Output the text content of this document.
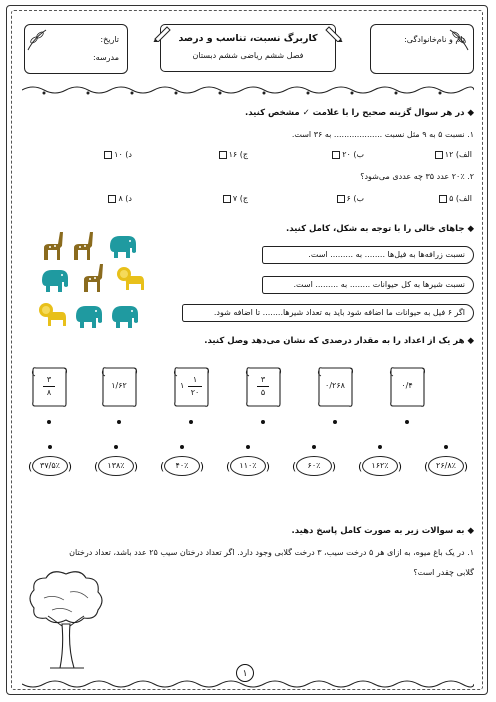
نام و نام‌خانوادگی:
تاریخ:
مدرسه:
کاربرگ نسبت، تناسب و درصد
فصل ششم ریاضی ششم دبستان
◆ در هر سوال گزینه صحیح را با علامت ✓ مشخص کنید.
۱. نسبت ۵ به ۹ مثل نسبت ................... به ۳۶ است.
الف) ۱۲
ب) ۲۰
ج) ۱۶
د) ۱۰
۲. ۲۰٪ عدد ۳۵ چه عددی می‌شود؟
الف) ۵
ب) ۶
ج) ۷
د) ۸
◆ جاهای خالی را با توجه به شکل، کامل کنید.
نسبت زرافه‌ها به فیل‌ها ........ به ......... است.
نسبت شیرها به کل حیوانات ........ به ......... است.
اگر ۶ فیل به حیوانات ما اضافه شود باید به تعداد شیرها........ تا اضافه شود.
◆ هر یک از اعداد را به مقدار درصدی که نشان می‌دهد وصل کنید.
۳
۸
۱/۶۲	۱
۱
۲۰
۳
۵
۰/۲۶۸	۰/۴
(	)
۳۷/۵٪	(	)
۱۳۸٪	(	)
۴۰٪	(	)
۱۱۰٪	(	)
۶۰٪	(	)
۱۶۲٪	(	)
۲۶/۸٪
◆ به سوالات زیر به صورت کامل پاسخ دهید.
۱. در یک باغ میوه، به ازای هر ۵ درخت سیب، ۳ درخت گلابی وجود دارد. اگر تعداد درختان سیب ۲۵ عدد باشد، تعداد درختان
گلابی چقدر است؟
۱
